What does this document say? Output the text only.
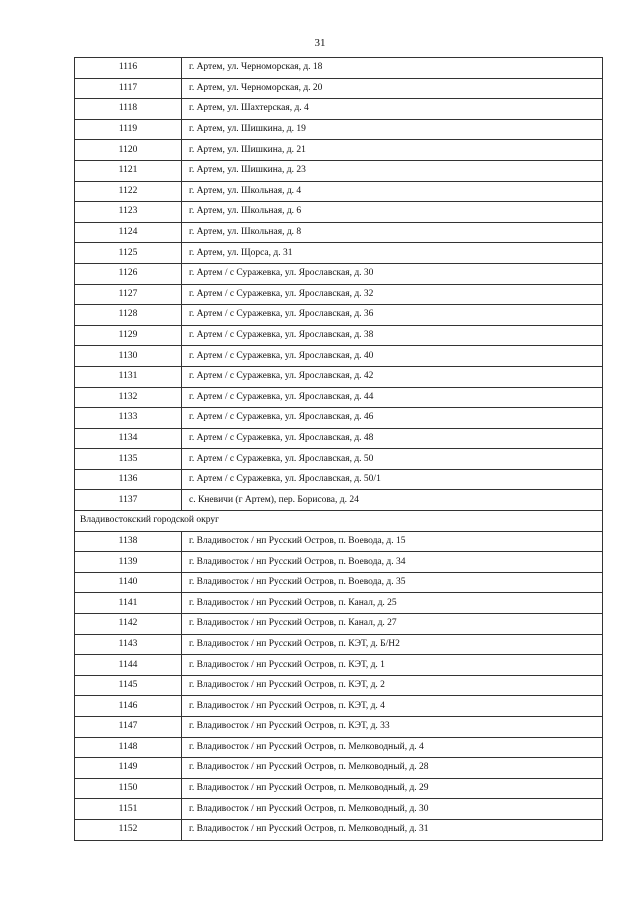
31
1116	г. Артем, ул. Черноморская, д. 18
1117	г. Артем, ул. Черноморская, д. 20
1118	г. Артем, ул. Шахтерская, д. 4
1119	г. Артем, ул. Шишкина, д. 19
1120	г. Артем, ул. Шишкина, д. 21
1121	г. Артем, ул. Шишкина, д. 23
1122	г. Артем, ул. Школьная, д. 4
1123	г. Артем, ул. Школьная, д. 6
1124	г. Артем, ул. Школьная, д. 8
1125	г. Артем, ул. Щорса, д. 31
1126	г. Артем / с Суражевка, ул. Ярославская, д. 30
1127	г. Артем / с Суражевка, ул. Ярославская, д. 32
1128	г. Артем / с Суражевка, ул. Ярославская, д. 36
1129	г. Артем / с Суражевка, ул. Ярославская, д. 38
1130	г. Артем / с Суражевка, ул. Ярославская, д. 40
1131	г. Артем / с Суражевка, ул. Ярославская, д. 42
1132	г. Артем / с Суражевка, ул. Ярославская, д. 44
1133	г. Артем / с Суражевка, ул. Ярославская, д. 46
1134	г. Артем / с Суражевка, ул. Ярославская, д. 48
1135	г. Артем / с Суражевка, ул. Ярославская, д. 50
1136	г. Артем / с Суражевка, ул. Ярославская, д. 50/1
1137	с. Кневичи (г Артем), пер. Борисова, д. 24
Владивостокский городской округ	
1138	г. Владивосток / нп Русский Остров, п. Воевода, д. 15
1139	г. Владивосток / нп Русский Остров, п. Воевода, д. 34
1140	г. Владивосток / нп Русский Остров, п. Воевода, д. 35
1141	г. Владивосток / нп Русский Остров, п. Канал, д. 25
1142	г. Владивосток / нп Русский Остров, п. Канал, д. 27
1143	г. Владивосток / нп Русский Остров, п. КЭТ, д. Б/Н2
1144	г. Владивосток / нп Русский Остров, п. КЭТ, д. 1
1145	г. Владивосток / нп Русский Остров, п. КЭТ, д. 2
1146	г. Владивосток / нп Русский Остров, п. КЭТ, д. 4
1147	г. Владивосток / нп Русский Остров, п. КЭТ, д. 33
1148	г. Владивосток / нп Русский Остров, п. Мелководный, д. 4
1149	г. Владивосток / нп Русский Остров, п. Мелководный, д. 28
1150	г. Владивосток / нп Русский Остров, п. Мелководный, д. 29
1151	г. Владивосток / нп Русский Остров, п. Мелководный, д. 30
1152	г. Владивосток / нп Русский Остров, п. Мелководный, д. 31
